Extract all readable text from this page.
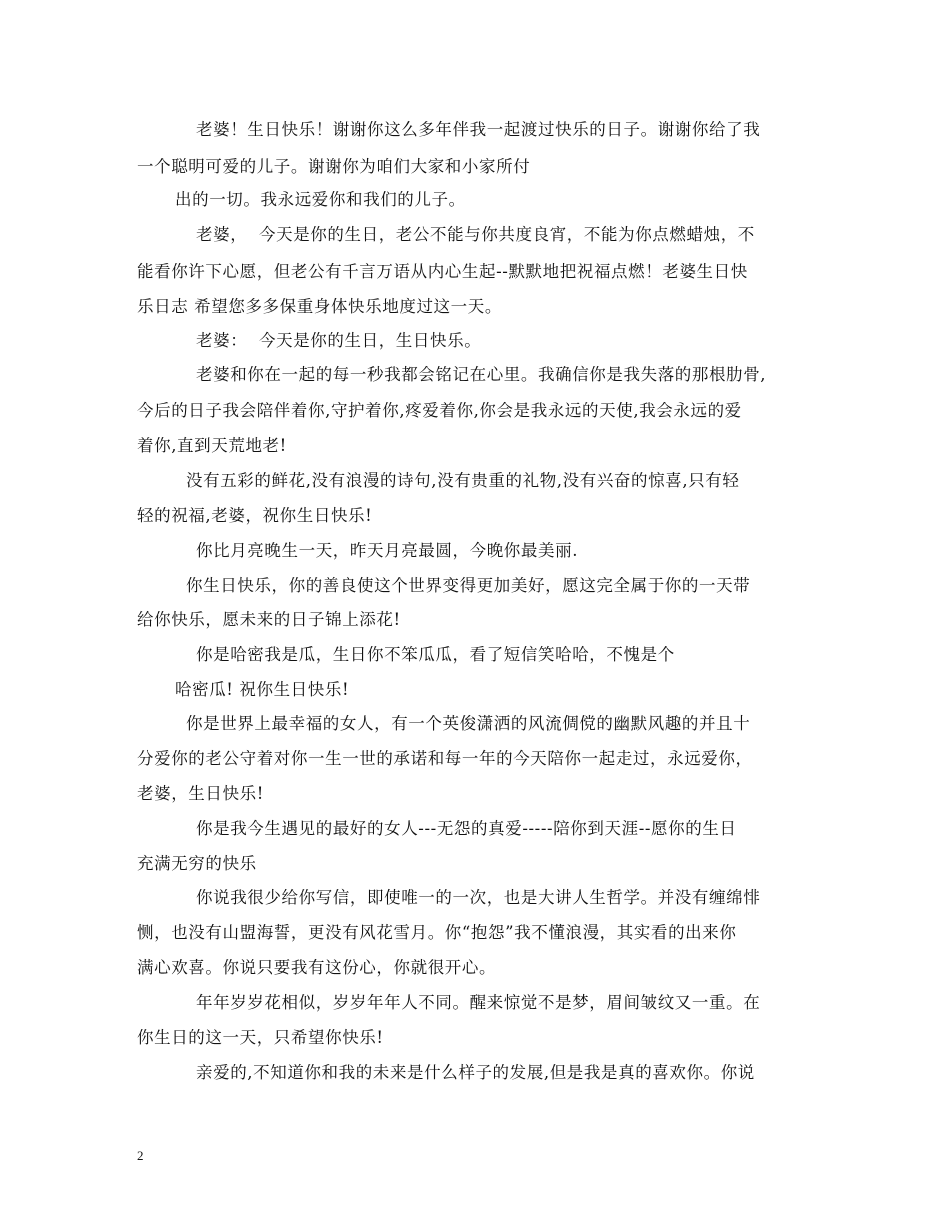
老婆！生日快乐！谢谢你这么多年伴我一起渡过快乐的日子。谢谢你给了我

一个聪明可爱的儿子。谢谢你为咱们大家和小家所付

出的一切。我永远爱你和我们的儿子。

老婆，  今天是你的生日，老公不能与你共度良宵，不能为你点燃蜡烛，不

能看你许下心愿，但老公有千言万语从内心生起--默默地把祝福点燃！老婆生日快

乐日志 希望您多多保重身体快乐地度过这一天。

老婆：  今天是你的生日，生日快乐。

老婆和你在一起的每一秒我都会铭记在心里。我确信你是我失落的那根肋骨,

今后的日子我会陪伴着你,守护着你,疼爱着你,你会是我永远的天使,我会永远的爱

着你,直到天荒地老!

没有五彩的鲜花,没有浪漫的诗句,没有贵重的礼物,没有兴奋的惊喜,只有轻

轻的祝福,老婆，祝你生日快乐!

你比月亮晚生一天，昨天月亮最圆，今晚你最美丽.

你生日快乐，你的善良使这个世界变得更加美好，愿这完全属于你的一天带

给你快乐，愿未来的日子锦上添花!

你是哈密我是瓜，生日你不笨瓜瓜，看了短信笑哈哈，不愧是个

哈密瓜! 祝你生日快乐!

你是世界上最幸福的女人，有一个英俊潇洒的风流倜傥的幽默风趣的并且十

分爱你的老公守着对你一生一世的承诺和每一年的今天陪你一起走过，永远爱你，

老婆，生日快乐!

你是我今生遇见的最好的女人---无怨的真爱-----陪你到天涯--愿你的生日

充满无穷的快乐

你说我很少给你写信，即使唯一的一次，也是大讲人生哲学。并没有缠绵悱

恻，也没有山盟海誓，更没有风花雪月。你“抱怨”我不懂浪漫，其实看的出来你

满心欢喜。你说只要我有这份心，你就很开心。

年年岁岁花相似，岁岁年年人不同。醒来惊觉不是梦，眉间皱纹又一重。在

你生日的这一天，只希望你快乐!

亲爱的,不知道你和我的未来是什么样子的发展,但是我是真的喜欢你。你说

2
